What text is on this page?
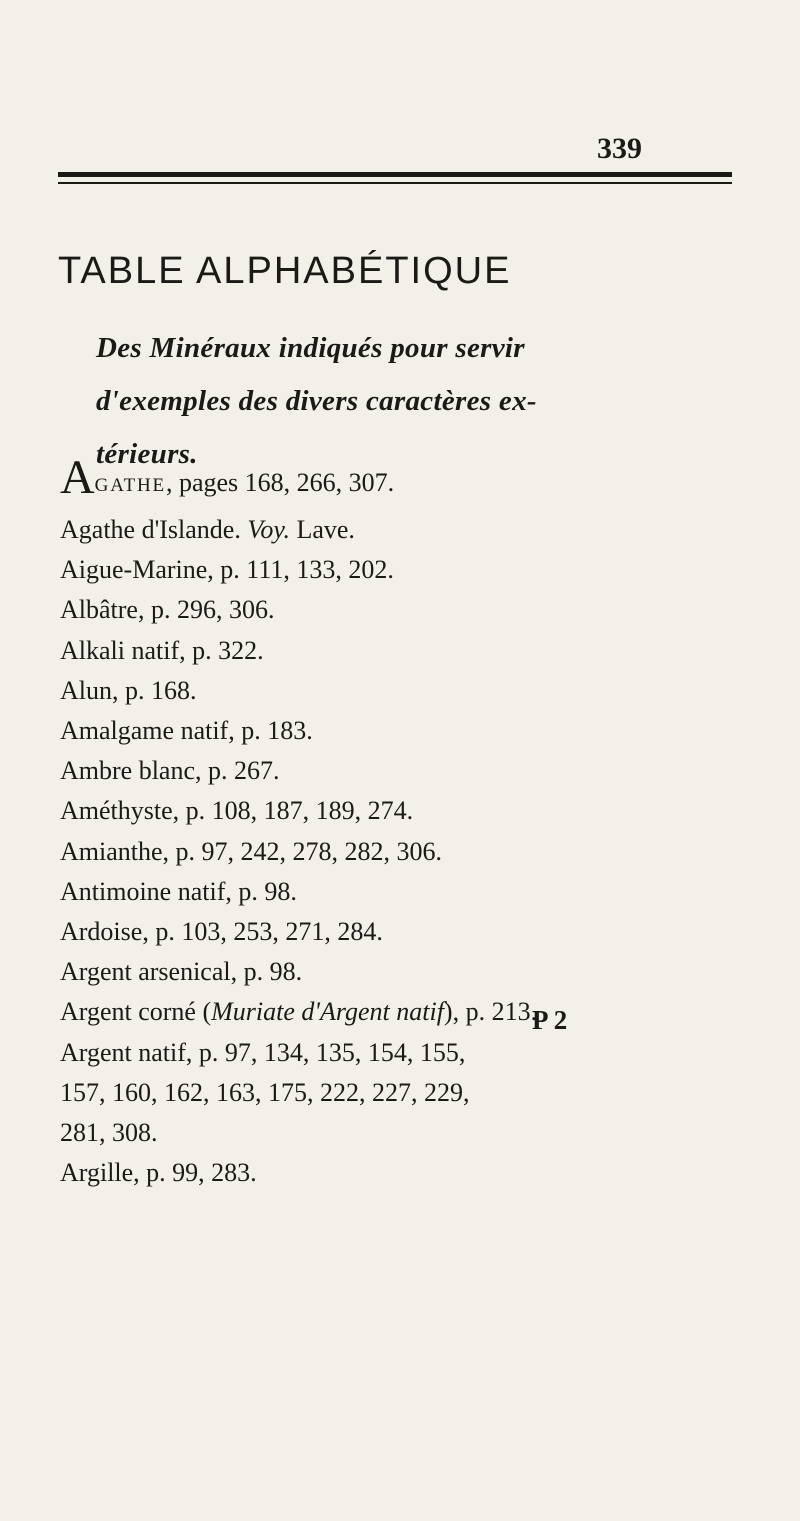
339
TABLE ALPHABÉTIQUE
Des Minéraux indiqués pour servir
d'exemples des divers caractères ex-
térieurs.
AGATHE, pages 168, 266, 307.
Agathe d'Islande. Voy. Lave.
Aigue-Marine, p. 111, 133, 202.
Albâtre, p. 296, 306.
Alkali natif, p. 322.
Alun, p. 168.
Amalgame natif, p. 183.
Ambre blanc, p. 267.
Améthyste, p. 108, 187, 189, 274.
Amianthe, p. 97, 242, 278, 282, 306.
Antimoine natif, p. 98.
Ardoise, p. 103, 253, 271, 284.
Argent arsenical, p. 98.
Argent corné (Muriate d'Argent natif), p. 213.
Argent natif, p. 97, 134, 135, 154, 155,
157, 160, 162, 163, 175, 222, 227, 229,
281, 308.
Argille, p. 99, 283.
P 2
